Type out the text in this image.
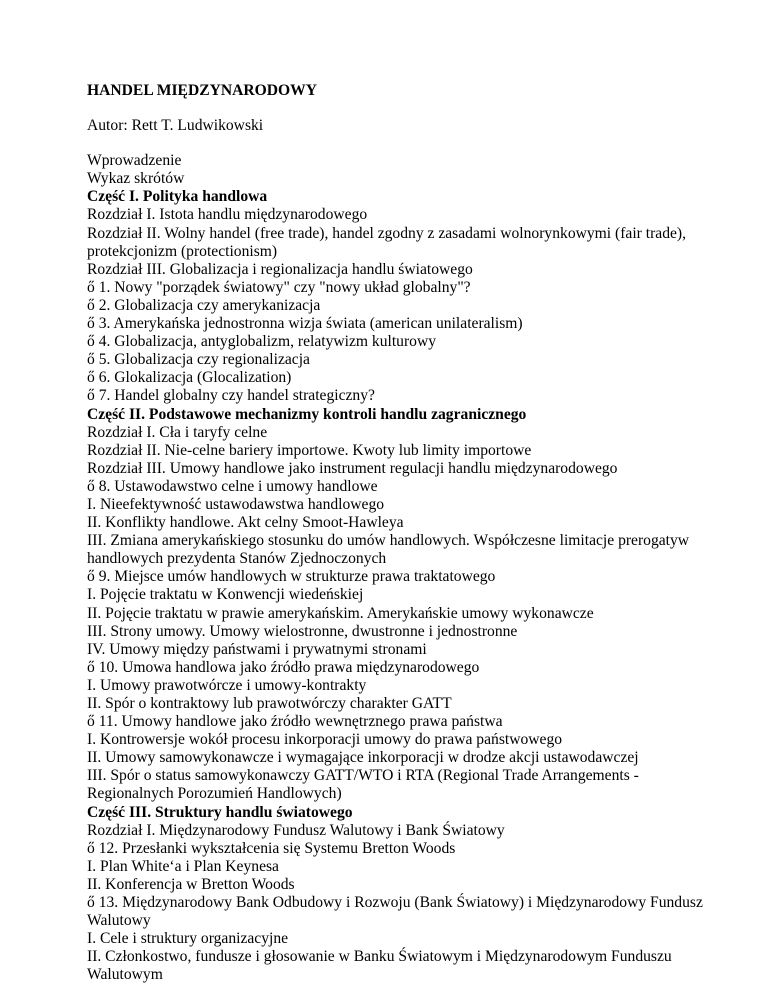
HANDEL MIĘDZYNARODOWY
Autor: Rett T. Ludwikowski
Wprowadzenie
Wykaz skrótów
Część I. Polityka handlowa
Rozdział I. Istota handlu międzynarodowego
Rozdział II. Wolny handel (free trade), handel zgodny z zasadami wolnorynkowymi (fair trade), protekcjonizm (protectionism)
Rozdział III. Globalizacja i regionalizacja handlu światowego
ő 1. Nowy "porządek światowy" czy "nowy układ globalny"?
ő 2. Globalizacja czy amerykanizacja
ő 3. Amerykańska jednostronna wizja świata (american unilateralism)
ő 4. Globalizacja, antyglobalizm, relatywizm kulturowy
ő 5. Globalizacja czy regionalizacja
ő 6. Glokalizacja (Glocalization)
ő 7. Handel globalny czy handel strategiczny?
Część II. Podstawowe mechanizmy kontroli handlu zagranicznego
Rozdział I. Cła i taryfy celne
Rozdział II. Nie-celne bariery importowe. Kwoty lub limity importowe
Rozdział III. Umowy handlowe jako instrument regulacji handlu międzynarodowego
ő 8. Ustawodawstwo celne i umowy handlowe
I. Nieefektywność ustawodawstwa handlowego
II. Konflikty handlowe. Akt celny Smoot-Hawleya
III. Zmiana amerykańskiego stosunku do umów handlowych. Współczesne limitacje prerogatyw handlowych prezydenta Stanów Zjednoczonych
ő 9. Miejsce umów handlowych w strukturze prawa traktatowego
I. Pojęcie traktatu w Konwencji wiedeńskiej
II. Pojęcie traktatu w prawie amerykańskim. Amerykańskie umowy wykonawcze
III. Strony umowy. Umowy wielostronne, dwustronne i jednostronne
IV. Umowy między państwami i prywatnymi stronami
ő 10. Umowa handlowa jako źródło prawa międzynarodowego
I. Umowy prawotwórcze i umowy-kontrakty
II. Spór o kontraktowy lub prawotwórczy charakter GATT
ő 11. Umowy handlowe jako źródło wewnętrznego prawa państwa
I. Kontrowersje wokół procesu inkorporacji umowy do prawa państwowego
II. Umowy samowykonawcze i wymagające inkorporacji w drodze akcji ustawodawczej
III. Spór o status samowykonawczy GATT/WTO i RTA (Regional Trade Arrangements - Regionalnych Porozumień Handlowych)
Część III. Struktury handlu światowego
Rozdział I. Międzynarodowy Fundusz Walutowy i Bank Światowy
ő 12. Przesłanki wykształcenia się Systemu Bretton Woods
I. Plan White‘a i Plan Keynesa
II. Konferencja w Bretton Woods
ő 13. Międzynarodowy Bank Odbudowy i Rozwoju (Bank Światowy) i Międzynarodowy Fundusz Walutowy
I. Cele i struktury organizacyjne
II. Członkostwo, fundusze i głosowanie w Banku Światowym i Międzynarodowym Funduszu Walutowym
